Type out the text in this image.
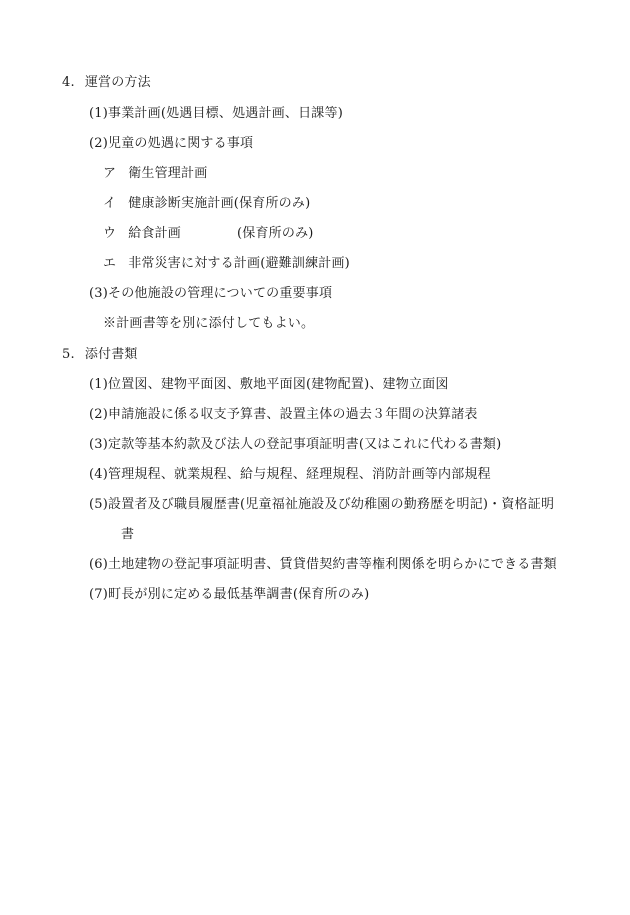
4. 運営の方法
(1)事業計画(処遇目標、処遇計画、日課等)
(2)児童の処遇に関する事項
ア 衛生管理計画
イ 健康診断実施計画(保育所のみ)
ウ 給食計画	(保育所のみ)
エ 非常災害に対する計画(避難訓練計画)
(3)その他施設の管理についての重要事項
※計画書等を別に添付してもよい。
5. 添付書類
(1)位置図、建物平面図、敷地平面図(建物配置)、建物立面図
(2)申請施設に係る収支予算書、設置主体の過去３年間の決算諸表
(3)定款等基本約款及び法人の登記事項証明書(又はこれに代わる書類)
(4)管理規程、就業規程、給与規程、経理規程、消防計画等内部規程
(5)設置者及び職員履歴書(児童福祉施設及び幼稚園の勤務歴を明記)・資格証明
書
(6)土地建物の登記事項証明書、賃貸借契約書等権利関係を明らかにできる書類
(7)町長が別に定める最低基準調書(保育所のみ)
